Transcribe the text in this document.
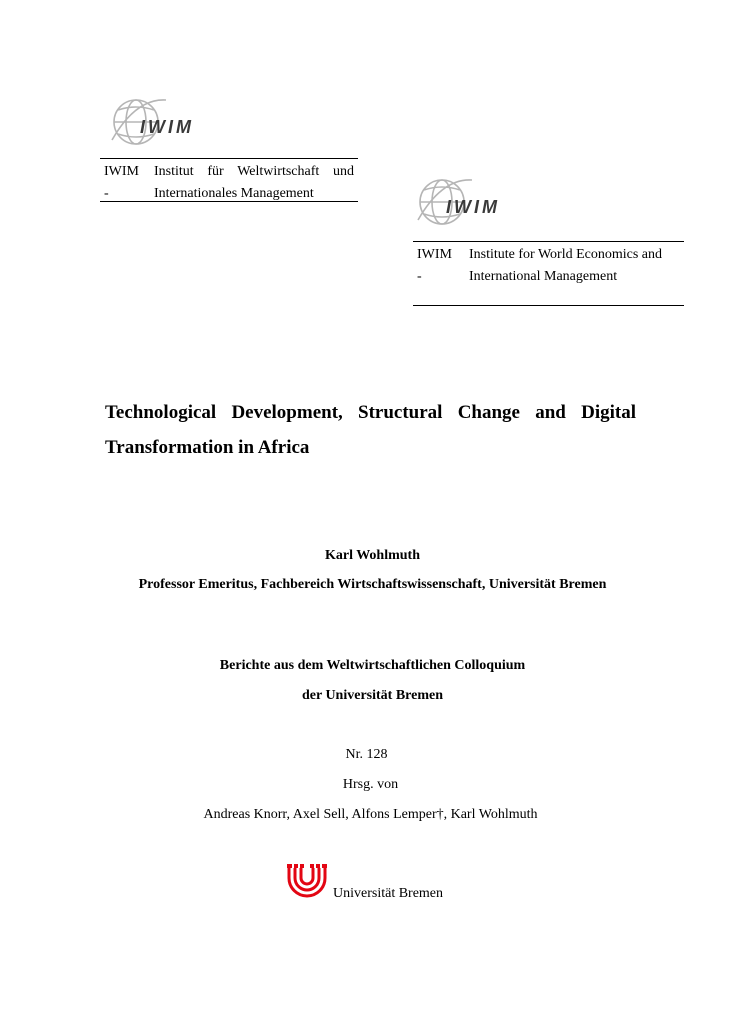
IWIM
IWIM
-
Institut für Weltwirtschaft und
Internationales Management
IWIM
IWIM
-
Institute for World Economics and
International Management
Technological Development, Structural Change and Digital
Transformation in Africa
Karl Wohlmuth
Professor Emeritus, Fachbereich Wirtschaftswissenschaft, Universität Bremen
Berichte aus dem Weltwirtschaftlichen Colloquium
der Universität Bremen
Nr. 128
Hrsg. von
Andreas Knorr, Axel Sell, Alfons Lemper†, Karl Wohlmuth
Universität Bremen
